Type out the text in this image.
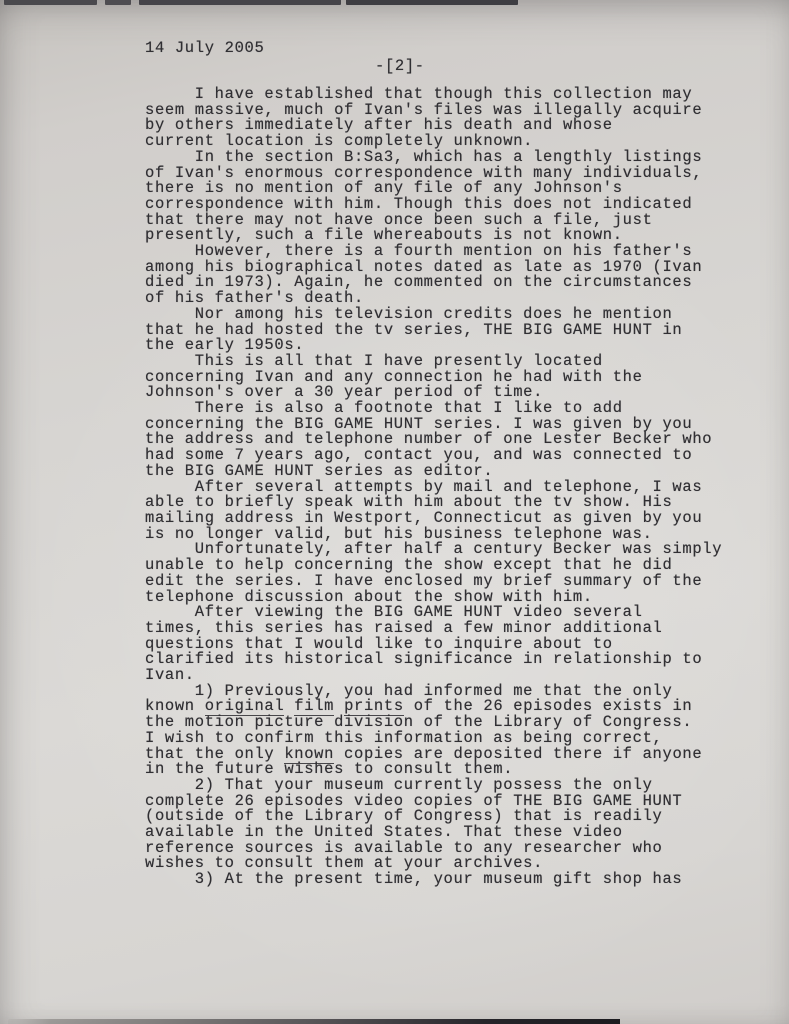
14 July 2005
-[2]-
I have established that though this collection may
seem massive, much of Ivan's files was illegally acquire
by others immediately after his death and whose
current location is completely unknown.
In the section B:Sa3, which has a lengthly listings
of Ivan's enormous correspondence with many individuals,
there is no mention of any file of any Johnson's
correspondence with him. Though this does not indicated
that there may not have once been such a file, just
presently, such a file whereabouts is not known.
However, there is a fourth mention on his father's
among his biographical notes dated as late as 1970 (Ivan
died in 1973). Again, he commented on the circumstances
of his father's death.
Nor among his television credits does he mention
that he had hosted the tv series, THE BIG GAME HUNT in
the early 1950s.
This is all that I have presently located
concerning Ivan and any connection he had with the
Johnson's over a 30 year period of time.
There is also a footnote that I like to add
concerning the BIG GAME HUNT series. I was given by you
the address and telephone number of one Lester Becker who
had some 7 years ago, contact you, and was connected to
the BIG GAME HUNT series as editor.
After several attempts by mail and telephone, I was
able to briefly speak with him about the tv show. His
mailing address in Westport, Connecticut as given by you
is no longer valid, but his business telephone was.
Unfortunately, after half a century Becker was simply
unable to help concerning the show except that he did
edit the series. I have enclosed my brief summary of the
telephone discussion about the show with him.
After viewing the BIG GAME HUNT video several
times, this series has raised a few minor additional
questions that I would like to inquire about to
clarified its historical significance in relationship to
Ivan.
1) Previously, you had informed me that the only
known original film prints of the 26 episodes exists in
the motion picture division of the Library of Congress.
I wish to confirm this information as being correct,
that the only known copies are deposited there if anyone
in the future wishes to consult them.
2) That your museum currently possess the only
complete 26 episodes video copies of THE BIG GAME HUNT
(outside of the Library of Congress) that is readily
available in the United States. That these video
reference sources is available to any researcher who
wishes to consult them at your archives.
3) At the present time, your museum gift shop has
